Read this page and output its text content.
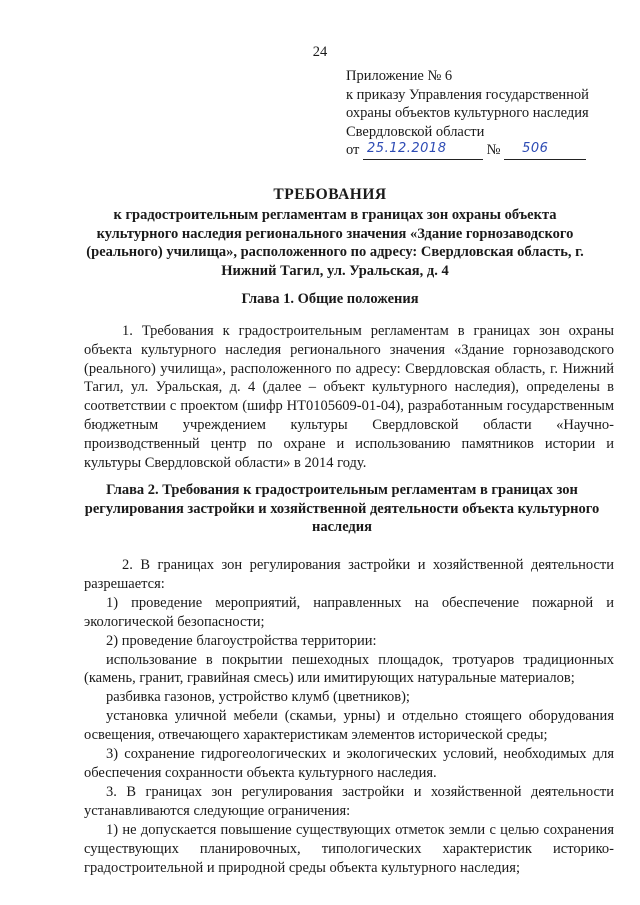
24
Приложение № 6
к приказу Управления государственной
охраны объектов культурного наследия
Свердловской области
от 25.12.2018	№ 506
ТРЕБОВАНИЯ
к градостроительным регламентам в границах зон охраны объекта культурного наследия регионального значения «Здание горнозаводского (реального) училища», расположенного по адресу: Свердловская область, г. Нижний Тагил, ул. Уральская, д. 4
Глава 1. Общие положения

1. Требования к градостроительным регламентам в границах зон охраны объекта культурного наследия регионального значения «Здание горнозаводского (реального) училища», расположенного по адресу: Свердловская область, г. Нижний Тагил, ул. Уральская, д. 4 (далее – объект культурного наследия), определены в соответствии с проектом (шифр НТ0105609-01-04), разработанным государственным бюджетным учреждением культуры Свердловской области «Научно-производственный центр по охране и использованию памятников истории и культуры Свердловской области» в 2014 году.

Глава 2. Требования к градостроительным регламентам в границах зон регулирования застройки и хозяйственной деятельности объекта культурного наследия

2. В границах зон регулирования застройки и хозяйственной деятельности разрешается:

1) проведение мероприятий, направленных на обеспечение пожарной и экологической безопасности;

2) проведение благоустройства территории:

использование в покрытии пешеходных площадок, тротуаров традиционных (камень, гранит, гравийная смесь) или имитирующих натуральные материалов;

разбивка газонов, устройство клумб (цветников);

установка уличной мебели (скамьи, урны) и отдельно стоящего оборудования освещения, отвечающего характеристикам элементов исторической среды;

3) сохранение гидрогеологических и экологических условий, необходимых для обеспечения сохранности объекта культурного наследия.

3. В границах зон регулирования застройки и хозяйственной деятельности устанавливаются следующие ограничения:

1) не допускается повышение существующих отметок земли с целью сохранения существующих планировочных, типологических характеристик историко-градостроительной и природной среды объекта культурного наследия;
